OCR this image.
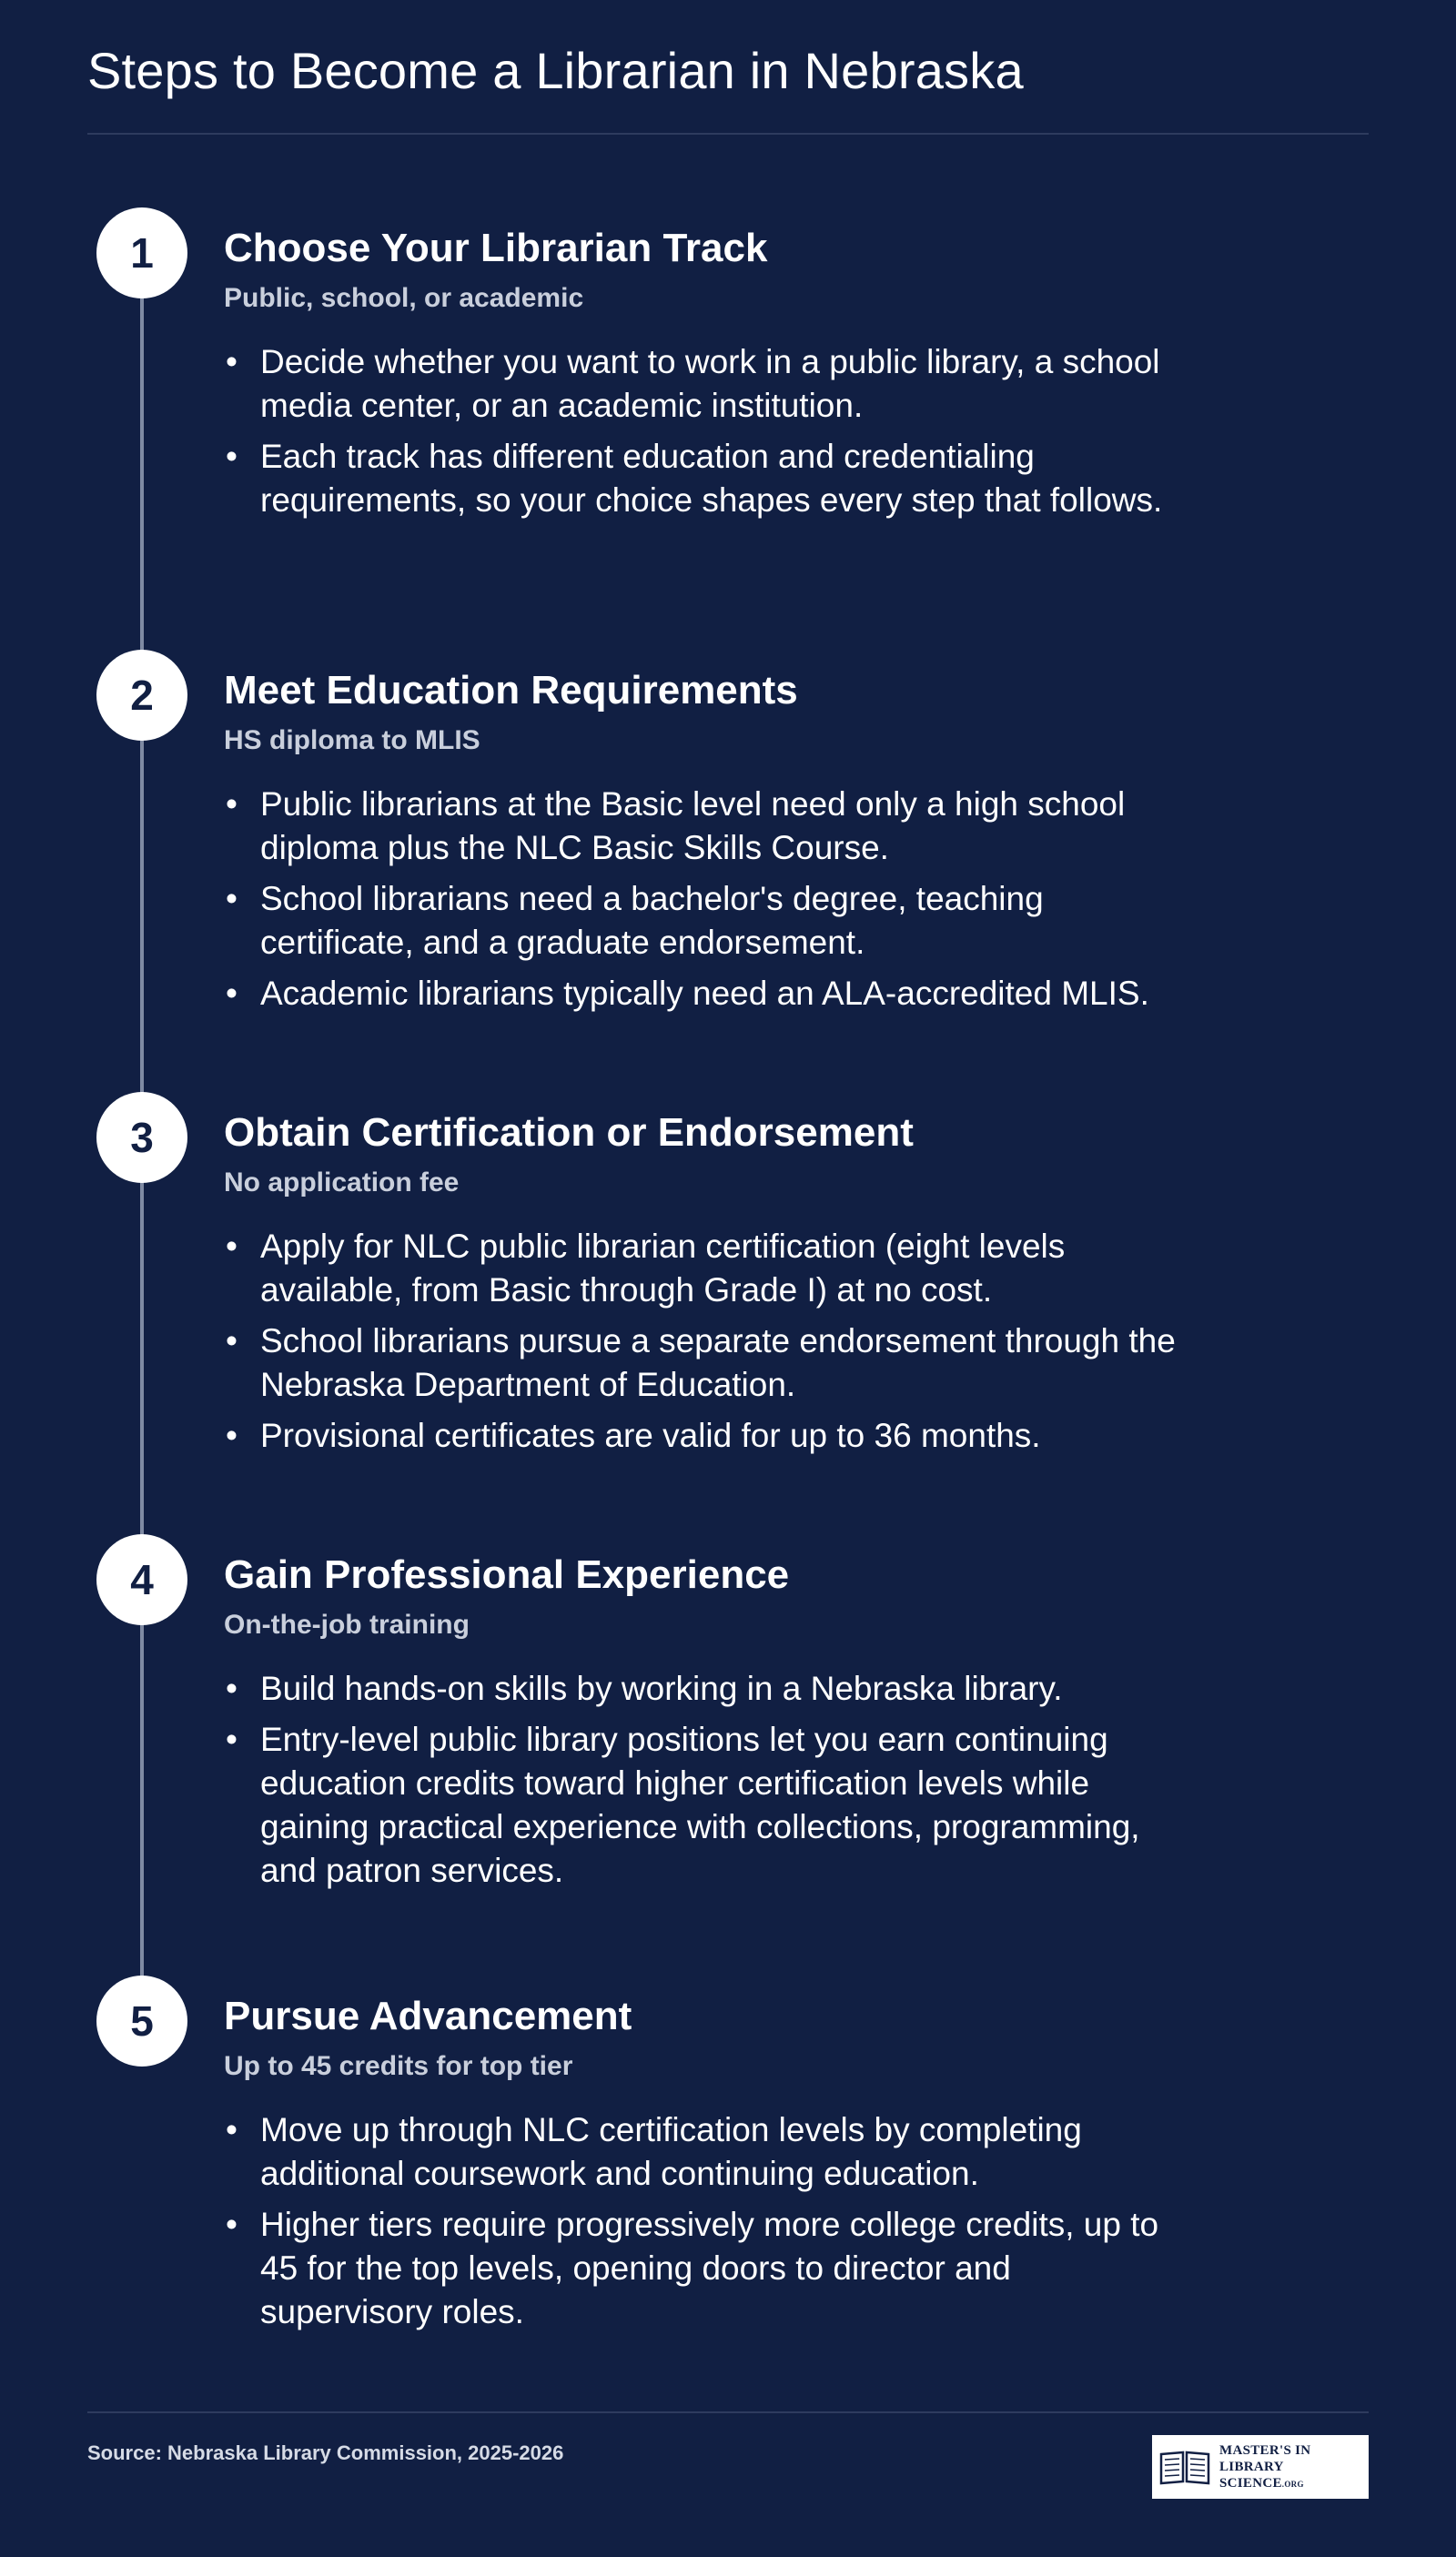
Steps to Become a Librarian in Nebraska
1	Choose Your Librarian Track

Public, school, or academic

• Decide whether you want to work in a public library, a school media center, or an academic institution.
• Each track has different education and credentialing requirements, so your choice shapes every step that follows.
2	Meet Education Requirements

HS diploma to MLIS

• Public librarians at the Basic level need only a high school diploma plus the NLC Basic Skills Course.
• School librarians need a bachelor's degree, teaching certificate, and a graduate endorsement.
• Academic librarians typically need an ALA-accredited MLIS.
3	Obtain Certification or Endorsement

No application fee

• Apply for NLC public librarian certification (eight levels available, from Basic through Grade I) at no cost.
• School librarians pursue a separate endorsement through the Nebraska Department of Education.
• Provisional certificates are valid for up to 36 months.
4	Gain Professional Experience

On-the-job training

• Build hands-on skills by working in a Nebraska library.
• Entry-level public library positions let you earn continuing education credits toward higher certification levels while gaining practical experience with collections, programming, and patron services.
5	Pursue Advancement

Up to 45 credits for top tier

• Move up through NLC certification levels by completing additional coursework and continuing education.
• Higher tiers require progressively more college credits, up to 45 for the top levels, opening doors to director and supervisory roles.
Source: Nebraska Library Commission, 2025-2026	MASTER'S IN
LIBRARY SCIENCE.ORG
